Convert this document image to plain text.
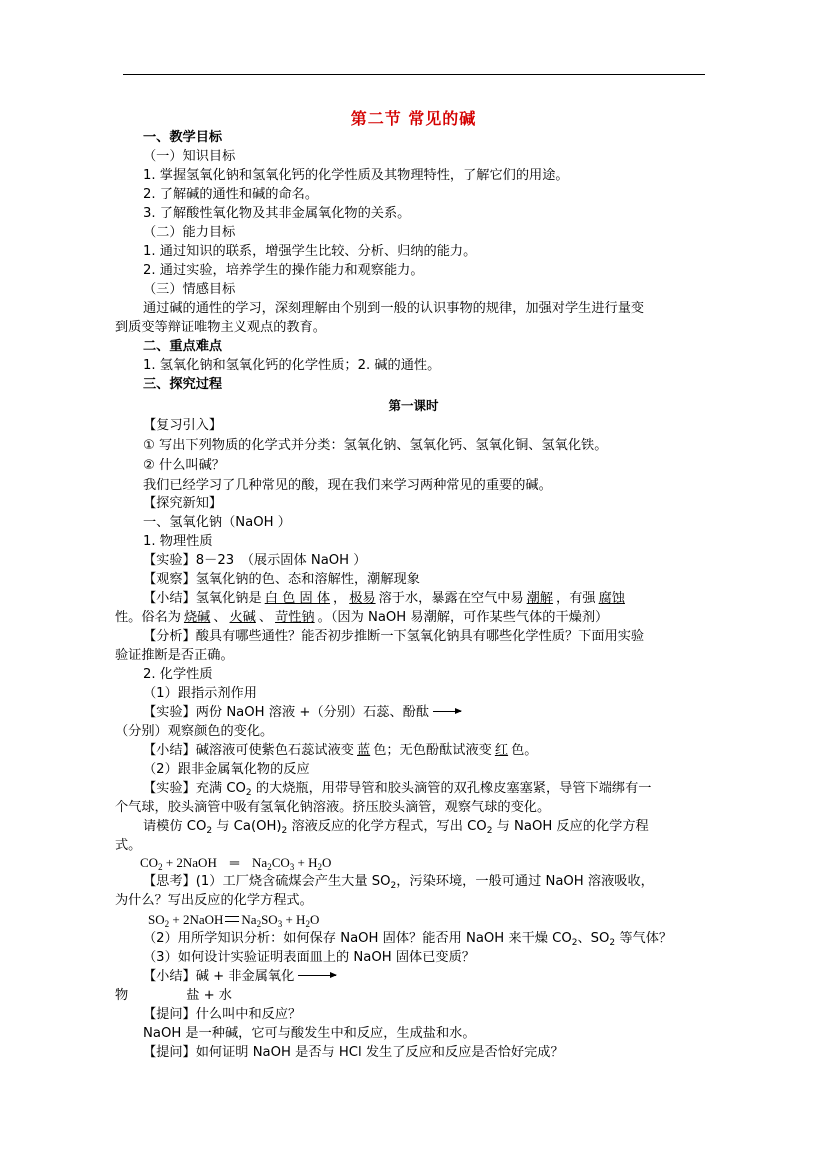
第二节 常见的碱
一、教学目标
（一）知识目标
1. 掌握氢氧化钠和氢氧化钙的化学性质及其物理特性，了解它们的用途。
2. 了解碱的通性和碱的命名。
3. 了解酸性氧化物及其非金属氧化物的关系。
（二）能力目标
1. 通过知识的联系，增强学生比较、分析、归纳的能力。
2. 通过实验，培养学生的操作能力和观察能力。
（三）情感目标
通过碱的通性的学习，深刻理解由个别到一般的认识事物的规律，加强对学生进行量变
到质变等辩证唯物主义观点的教育。
二、重点难点
1. 氢氧化钠和氢氧化钙的化学性质；2. 碱的通性。
三、探究过程
第一课时
【复习引入】
① 写出下列物质的化学式并分类：氢氧化钠、氢氧化钙、氢氧化铜、氢氧化铁。
② 什么叫碱？
我们已经学习了几种常见的酸，现在我们来学习两种常见的重要的碱。
【探究新知】
一、氢氧化钠（NaOH ）
1. 物理性质
【实验】8－23　（展示固体 NaOH ）
【观察】氢氧化钠的色、态和溶解性，潮解现象
【小结】氢氧化钠是 白 色 固 体 ， 极易 溶于水，暴露在空气中易 潮解 ，有强 腐蚀
性。俗名为 烧碱 、 火碱 、 苛性钠 。（因为 NaOH 易潮解，可作某些气体的干燥剂）
【分析】酸具有哪些通性？能否初步推断一下氢氧化钠具有哪些化学性质？下面用实验
验证推断是否正确。
2. 化学性质
（1）跟指示剂作用
【实验】两份 NaOH 溶液 +（分别）石蕊、酚酞
（分别）观察颜色的变化。
【小结】碱溶液可使紫色石蕊试液变 蓝 色；无色酚酞试液变 红 色。
（2）跟非金属氧化物的反应
【实验】充满 $CO_2$ 的大烧瓶，用带导管和胶头滴管的双孔橡皮塞塞紧，导管下端绑有一
个气球，胶头滴管中吸有氢氧化钠溶液。挤压胶头滴管，观察气球的变化。
请模仿 $CO_2$ 与 $Ca(OH)_2$ 溶液反应的化学方程式，写出 $CO_2$ 与 NaOH 反应的化学方程
式。
$CO_2$ + 2NaOH　═　$Na_2CO_3 + H_2O$
【思考】(1）工厂烧含硫煤会产生大量 $SO_2$，污染环境，一般可通过 NaOH 溶液吸收，
为什么？写出反应的化学方程式。
$SO_2$ + 2NaOH $Na_2SO_3 + H_2O$
（2）用所学知识分析：如何保存 NaOH 固体？能否用 NaOH 来干燥 $CO_2$、$SO_2$ 等气体？
（3）如何设计实验证明表面皿上的 NaOH 固体已变质？
【小结】碱 + 非金属氧化
物	盐 + 水
【提问】什么叫中和反应？
NaOH 是一种碱，它可与酸发生中和反应，生成盐和水。
【提问】如何证明 NaOH 是否与 HCl 发生了反应和反应是否恰好完成？
